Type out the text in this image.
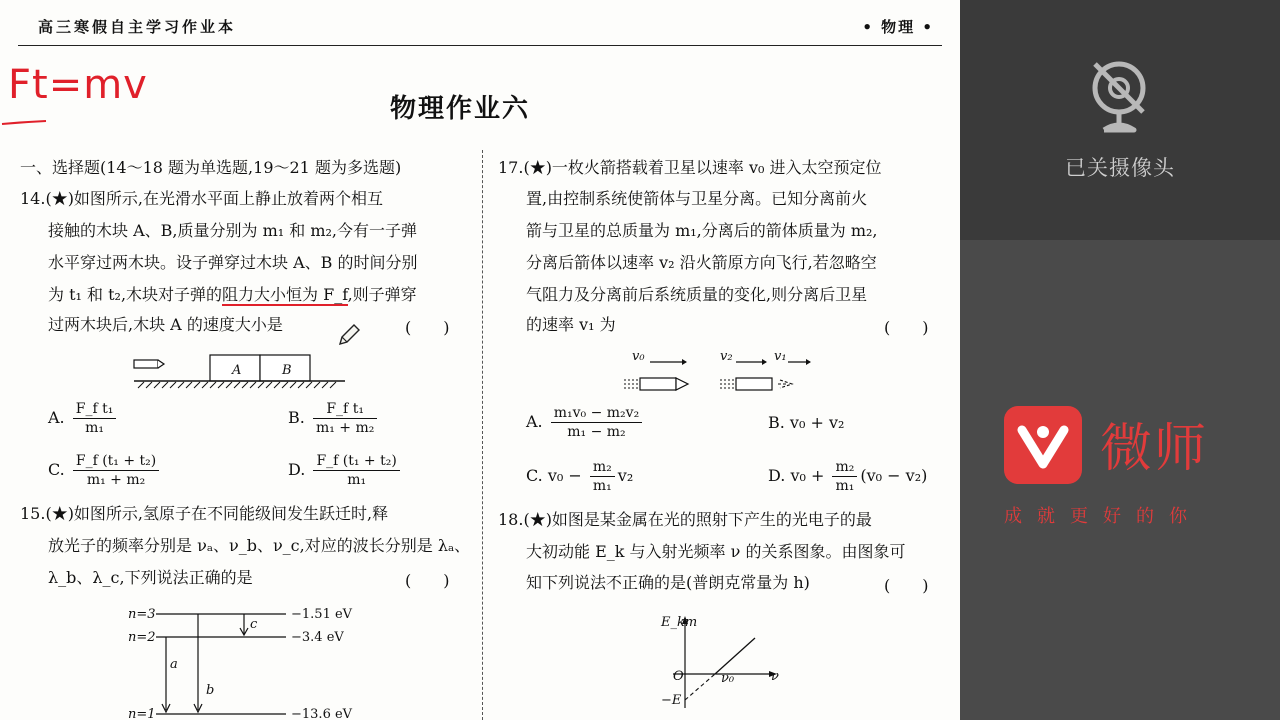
高三寒假自主学习作业本	• 物理 •
Ft=mv
物理作业六
一、选择题(14～18 题为单选题,19～21 题为多选题)
14.(★)如图所示,在光滑水平面上静止放着两个相互
接触的木块 A、B,质量分别为 m₁ 和 m₂,今有一子弹
水平穿过两木块。设子弹穿过木块 A、B 的时间分别
为 t₁ 和 t₂,木块对子弹的阻力大小恒为 F_f,则子弹穿
过两木块后,木块 A 的速度大小是	(　　)
A	B
A. $\frac{\text{F\_f t₁}}{\text{m₁}}$	B. $\frac{\text{F\_f t₁}}{\text{m₁ + m₂}}$
C. $\frac{\text{F\_f (t₁ + t₂)}}{\text{m₁ + m₂}}$	D. $\frac{\text{F\_f (t₁ + t₂)}}{\text{m₁}}$
15.(★)如图所示,氢原子在不同能级间发生跃迁时,释
放光子的频率分别是 νₐ、ν_b、ν_c,对应的波长分别是 λₐ、
λ_b、λ_c,下列说法正确的是	(　　)
n=3
n=2
n=1
−1.51 eV
−3.4 eV
−13.6 eV
a
b
c
17.(★)一枚火箭搭载着卫星以速率 v₀ 进入太空预定位
置,由控制系统使箭体与卫星分离。已知分离前火
箭与卫星的总质量为 m₁,分离后的箭体质量为 m₂,
分离后箭体以速率 v₂ 沿火箭原方向飞行,若忽略空
气阻力及分离前后系统质量的变化,则分离后卫星
的速率 v₁ 为	(　　)
v₀	v₂	v₁
A. $\frac{\text{m₁v₀ − m₂v₂}}{\text{m₁ − m₂}}$	B. v₀ + v₂
C. $v_0 - \frac{\text{m₂}}{\text{m₁}} v_2$	D. $v_0 + \frac{\text{m₂}}{\text{m₁}} (v_0 - v_2)$
18.(★)如图是某金属在光的照射下产生的光电子的最
大初动能 E_k 与入射光频率 ν 的关系图象。由图象可
知下列说法不正确的是(普朗克常量为 h)	(　　)
E_km
ν
O	ν₀
−E
已关摄像头
微师
成就更好的你
